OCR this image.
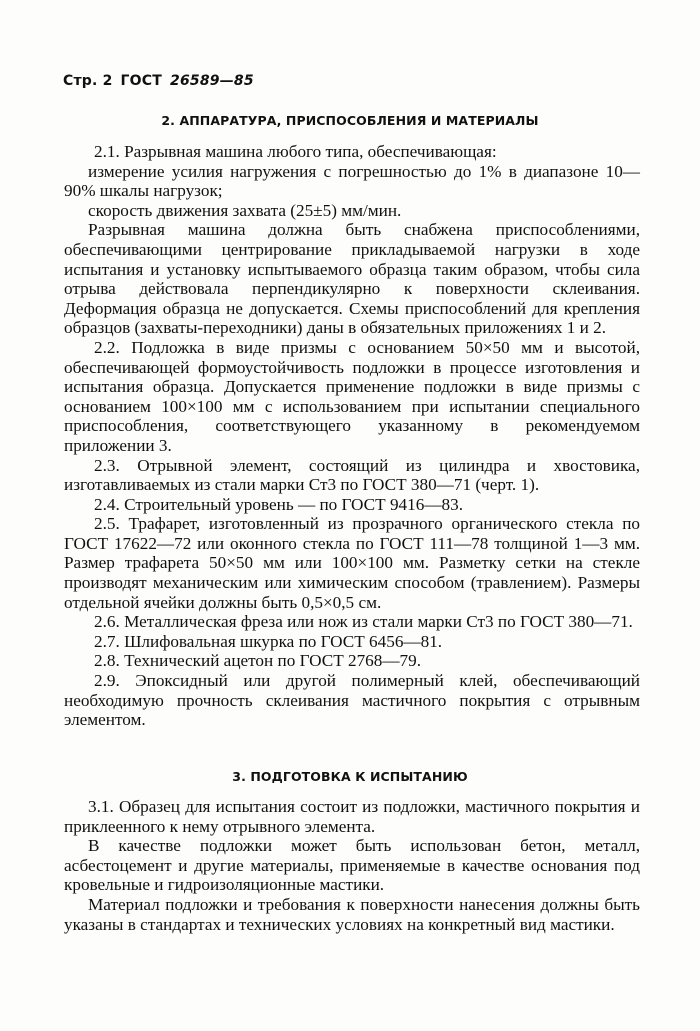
Стр. 2 ГОСТ 26589—85
2. АППАРАТУРА, ПРИСПОСОБЛЕНИЯ И МАТЕРИАЛЫ

2.1. Разрывная машина любого типа, обеспечивающая:

измерение усилия нагружения с погрешностью до 1% в диапазоне 10—90% шкалы нагрузок;

скорость движения захвата (25±5) мм/мин.

Разрывная машина должна быть снабжена приспособлениями, обеспечивающими центрирование прикладываемой нагрузки в ходе испытания и установку испытываемого образца таким образом, чтобы сила отрыва действовала перпендикулярно к поверхности склеивания. Деформация образца не допускается. Схемы приспособлений для крепления образцов (захваты-переходники) даны в обязательных приложениях 1 и 2.

2.2. Подложка в виде призмы с основанием 50×50 мм и высотой, обеспечивающей формоустойчивость подложки в процессе изготовления и испытания образца. Допускается применение подложки в виде призмы с основанием 100×100 мм с использованием при испытании специального приспособления, соответствующего указанному в рекомендуемом приложении 3.

2.3. Отрывной элемент, состоящий из цилиндра и хвостовика, изготавливаемых из стали марки Ст3 по ГОСТ 380—71 (черт. 1).

2.4. Строительный уровень — по ГОСТ 9416—83.

2.5. Трафарет, изготовленный из прозрачного органического стекла по ГОСТ 17622—72 или оконного стекла по ГОСТ 111—78 толщиной 1—3 мм. Размер трафарета 50×50 мм или 100×100 мм. Разметку сетки на стекле производят механическим или химическим способом (травлением). Размеры отдельной ячейки должны быть 0,5×0,5 см.

2.6. Металлическая фреза или нож из стали марки Ст3 по ГОСТ 380—71.

2.7. Шлифовальная шкурка по ГОСТ 6456—81.

2.8. Технический ацетон по ГОСТ 2768—79.

2.9. Эпоксидный или другой полимерный клей, обеспечивающий необходимую прочность склеивания мастичного покрытия с отрывным элементом.

3. ПОДГОТОВКА К ИСПЫТАНИЮ

3.1. Образец для испытания состоит из подложки, мастичного покрытия и приклеенного к нему отрывного элемента.

В качестве подложки может быть использован бетон, металл, асбестоцемент и другие материалы, применяемые в качестве основания под кровельные и гидроизоляционные мастики.

Материал подложки и требования к поверхности нанесения должны быть указаны в стандартах и технических условиях на конкретный вид мастики.
